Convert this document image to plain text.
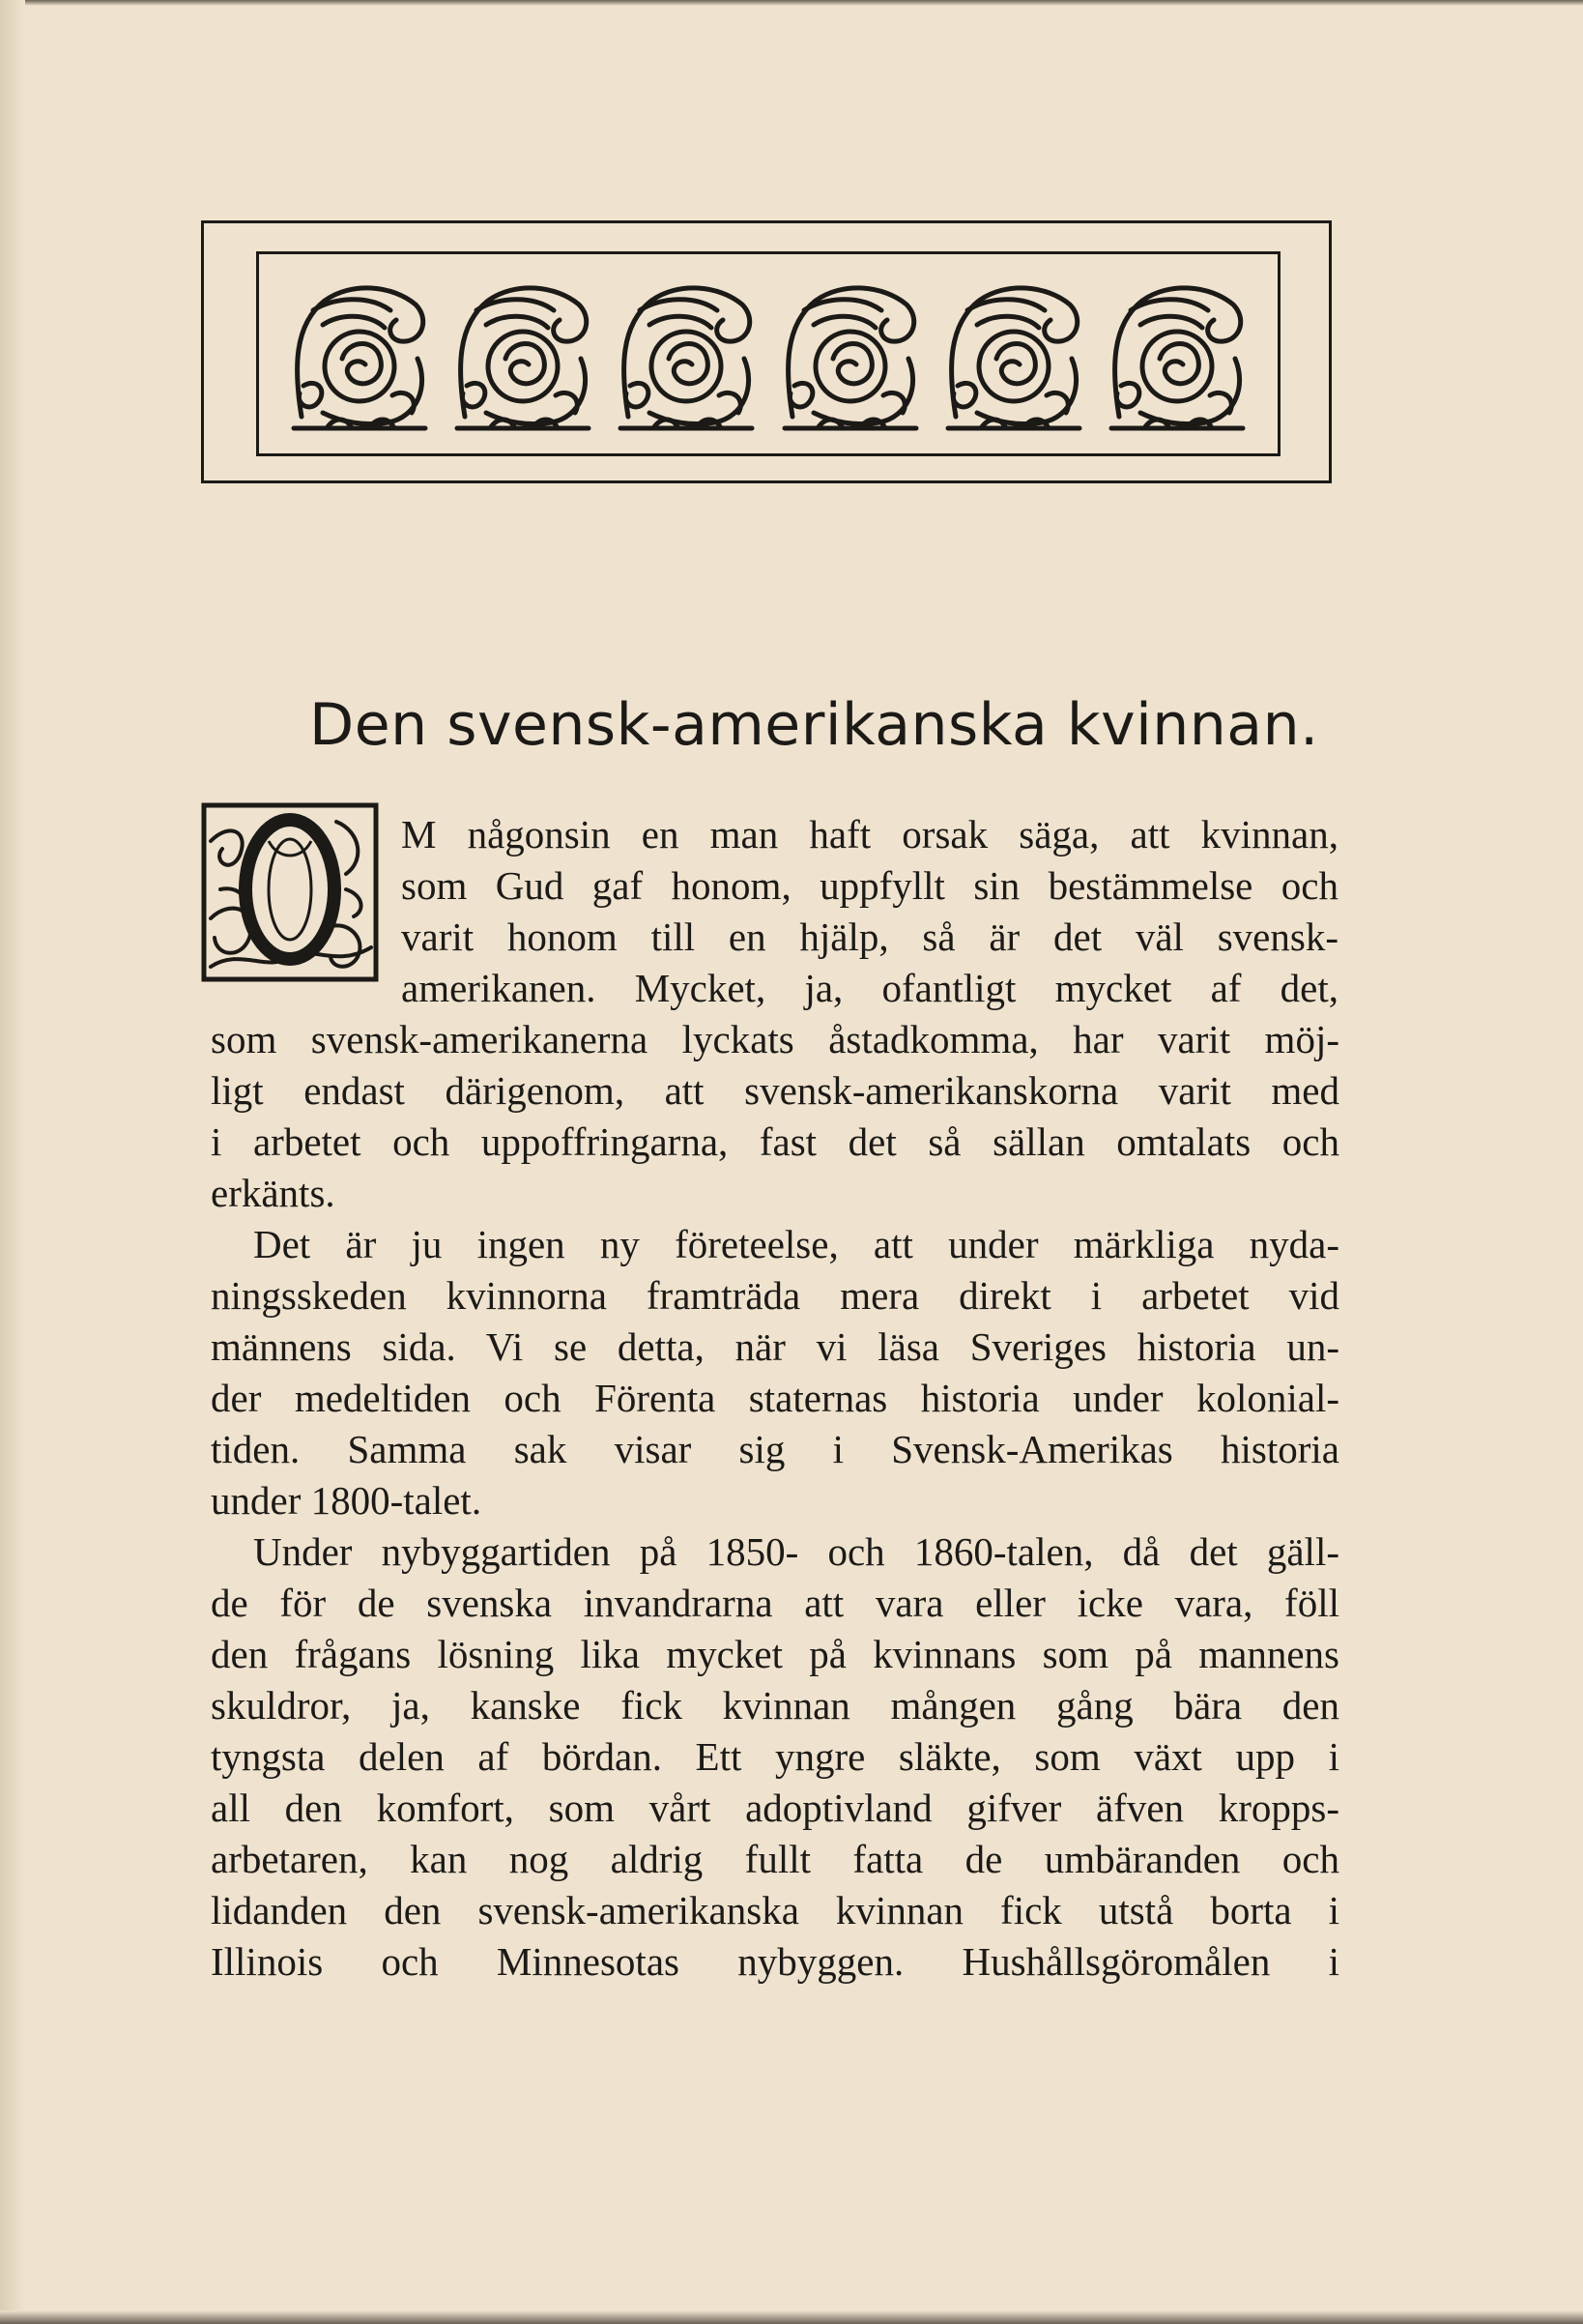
Den svensk-amerikanska kvinnan.
M någonsin en man haft orsak säga, att kvinnan,
som Gud gaf honom, uppfyllt sin bestämmelse och
varit honom till en hjälp, så är det väl svensk-
amerikanen. Mycket, ja, ofantligt mycket af det,
som svensk-amerikanerna lyckats åstadkomma, har varit möj-
ligt endast därigenom, att svensk-amerikanskorna varit med
i arbetet och uppoffringarna, fast det så sällan omtalats och
erkänts.
Det är ju ingen ny företeelse, att under märkliga nyda-
ningsskeden kvinnorna framträda mera direkt i arbetet vid
männens sida. Vi se detta, när vi läsa Sveriges historia un-
der medeltiden och Förenta staternas historia under kolonial-
tiden. Samma sak visar sig i Svensk-Amerikas historia
under 1800-talet.
Under nybyggartiden på 1850- och 1860-talen, då det gäll-
de för de svenska invandrarna att vara eller icke vara, föll
den frågans lösning lika mycket på kvinnans som på mannens
skuldror, ja, kanske fick kvinnan mången gång bära den
tyngsta delen af bördan. Ett yngre släkte, som växt upp i
all den komfort, som vårt adoptivland gifver äfven kropps-
arbetaren, kan nog aldrig fullt fatta de umbäranden och
lidanden den svensk-amerikanska kvinnan fick utstå borta i
Illinois och Minnesotas nybyggen. Hushållsgöromålen i
